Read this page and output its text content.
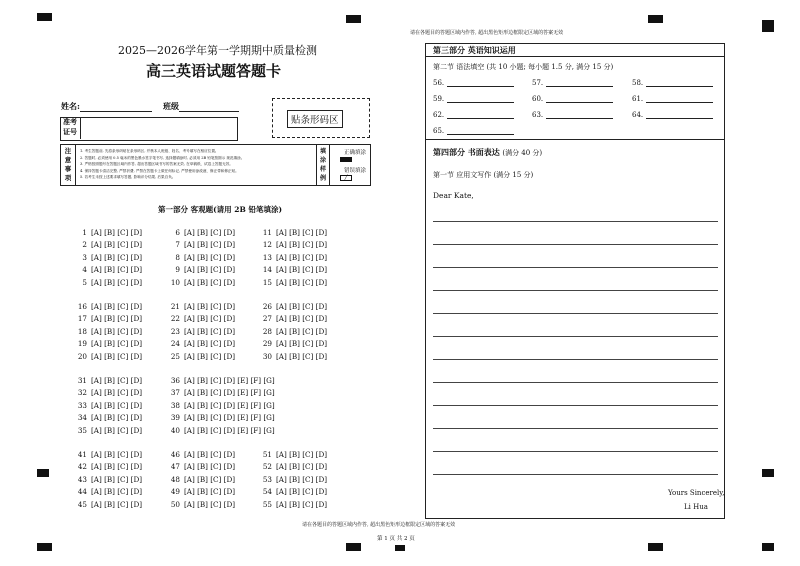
2025—2026学年第一学期期中质量检测
高三英语试题答题卡
姓名:	班级
准考
证号
贴条形码区
注
意
事
项
1. 考生答题前, 先将条形码贴在条形码区, 并核本人班级、姓名、考号填写在相应位置。
2. 答题时, 必须使用 0.5 毫米的黑色墨水签字笔书写, 选择题填涂时, 必须用 2B 铅笔按图示 规范填涂。
3. 严格按照题号在答题区域内作答, 超出答题区域书写的答案无效, 在草稿纸、试卷上答题无效。
4. 保持答题卡清洁完整, 严禁折叠, 严禁在答题卡上做任何标记, 严禁使用涂改液、修正带和修正贴。
5. 若考生未按上述要求填写答题, 影响评分结果, 后果自负。
填
涂
样
例
正确填涂
错误填涂
╱
第一部分 客观题(请用 2B 铅笔填涂)
1 [A] [B] [C] [D]
2 [A] [B] [C] [D]
3 [A] [B] [C] [D]
4 [A] [B] [C] [D]
5 [A] [B] [C] [D]
6 [A] [B] [C] [D]
7 [A] [B] [C] [D]
8 [A] [B] [C] [D]
9 [A] [B] [C] [D]
10 [A] [B] [C] [D]
11 [A] [B] [C] [D]
12 [A] [B] [C] [D]
13 [A] [B] [C] [D]
14 [A] [B] [C] [D]
15 [A] [B] [C] [D]
16 [A] [B] [C] [D]
17 [A] [B] [C] [D]
18 [A] [B] [C] [D]
19 [A] [B] [C] [D]
20 [A] [B] [C] [D]
21 [A] [B] [C] [D]
22 [A] [B] [C] [D]
23 [A] [B] [C] [D]
24 [A] [B] [C] [D]
25 [A] [B] [C] [D]
26 [A] [B] [C] [D]
27 [A] [B] [C] [D]
28 [A] [B] [C] [D]
29 [A] [B] [C] [D]
30 [A] [B] [C] [D]
31 [A] [B] [C] [D]
32 [A] [B] [C] [D]
33 [A] [B] [C] [D]
34 [A] [B] [C] [D]
35 [A] [B] [C] [D]
36 [A] [B] [C] [D] [E] [F] [G]
37 [A] [B] [C] [D] [E] [F] [G]
38 [A] [B] [C] [D] [E] [F] [G]
39 [A] [B] [C] [D] [E] [F] [G]
40 [A] [B] [C] [D] [E] [F] [G]
41 [A] [B] [C] [D]
42 [A] [B] [C] [D]
43 [A] [B] [C] [D]
44 [A] [B] [C] [D]
45 [A] [B] [C] [D]
46 [A] [B] [C] [D]
47 [A] [B] [C] [D]
48 [A] [B] [C] [D]
49 [A] [B] [C] [D]
50 [A] [B] [C] [D]
51 [A] [B] [C] [D]
52 [A] [B] [C] [D]
53 [A] [B] [C] [D]
54 [A] [B] [C] [D]
55 [A] [B] [C] [D]
请在各题目的答题区域内作答, 超出黑色矩形边框限定区域的答案无效
第三部分 英语知识运用
第二节 语法填空 (共 10 小题; 每小题 1.5 分, 满分 15 分)
56.	57.	58.
59.	60.	61.
62.	63.	64.
65.
第四部分 书面表达 (满分 40 分)
第一节 应用文写作 (满分 15 分)
Dear Kate,
Yours Sincerely,
Li Hua
请在各题目的答题区域内作答, 超出黑色矩形边框限定区域的答案无效
第 1 页 共 2 页
